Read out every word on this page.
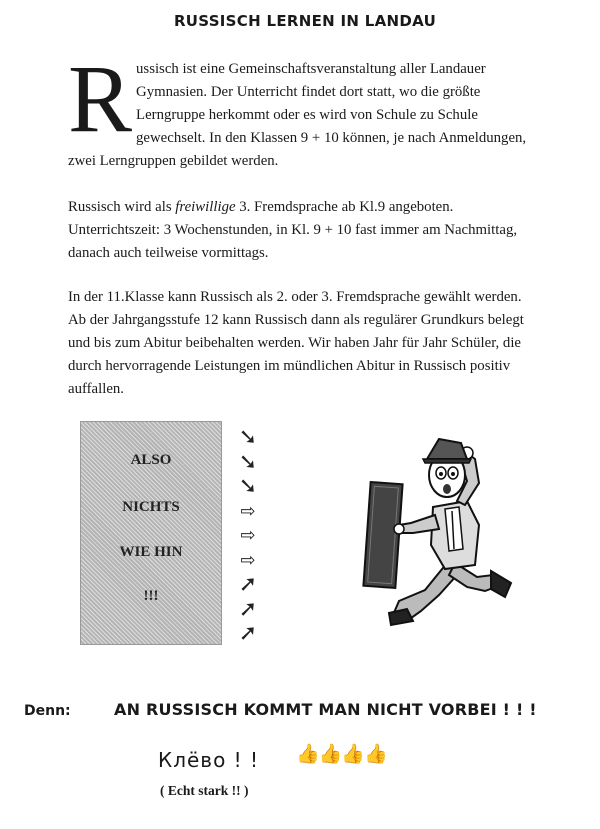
RUSSISCH LERNEN IN LANDAU

Russisch ist eine Gemeinschaftsveranstaltung aller Landauer Gymnasien. Der Unterricht findet dort statt, wo die größte Lerngruppe herkommt oder es wird von Schule zu Schule gewechselt. In den Klassen 9 + 10 können, je nach Anmeldungen, zwei Lerngruppen gebildet werden.

Russisch wird als freiwillige 3. Fremdsprache ab Kl.9 angeboten. Unterrichtszeit: 3 Wochenstunden, in Kl. 9 + 10 fast immer am Nachmittag, danach auch teilweise vormittags.

In der 11.Klasse kann Russisch als 2. oder 3. Fremdsprache gewählt werden. Ab der Jahrgangsstufe 12 kann Russisch dann als regulärer Grundkurs belegt und bis zum Abitur beibehalten werden. Wir haben Jahr für Jahr Schüler, die durch hervorragende Leistungen im mündlichen Abitur in Russisch positiv auffallen.

ALSO
NICHTS
WIE HIN
!!!
➘
➘
➘
⇨
⇨
⇨
➚
➚
➚
Denn:	AN RUSSISCH KOMMT MAN NICHT VORBEI ! ! !
Клёво ! ! 👍👍👍👍
( Echt stark !! )
